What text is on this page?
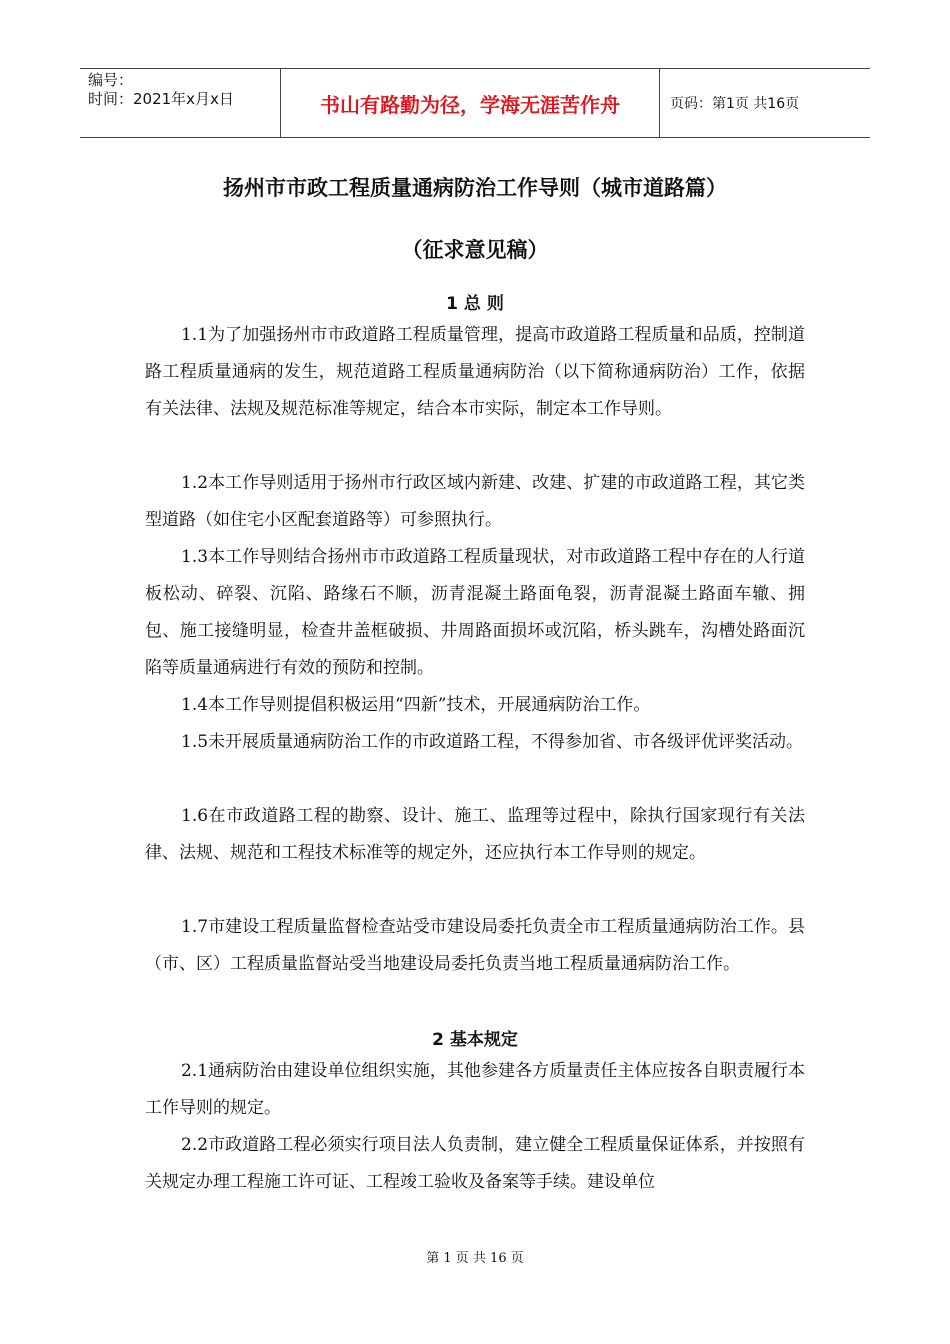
编号：
时间：2021年x月x日	书山有路勤为径，学海无涯苦作舟	页码：第1页 共16页
扬州市市政工程质量通病防治工作导则（城市道路篇）
（征求意见稿）
1 总 则
1.1为了加强扬州市市政道路工程质量管理，提高市政道路工程质量和品质，控制道路工程质量通病的发生，规范道路工程质量通病防治（以下简称通病防治）工作，依据有关法律、法规及规范标准等规定，结合本市实际，制定本工作导则。
1.2本工作导则适用于扬州市行政区域内新建、改建、扩建的市政道路工程，其它类型道路（如住宅小区配套道路等）可参照执行。
1.3本工作导则结合扬州市市政道路工程质量现状，对市政道路工程中存在的人行道板松动、碎裂、沉陷、路缘石不顺，沥青混凝土路面龟裂，沥青混凝土路面车辙、拥包、施工接缝明显，检查井盖框破损、井周路面损坏或沉陷，桥头跳车，沟槽处路面沉陷等质量通病进行有效的预防和控制。
1.4本工作导则提倡积极运用“四新”技术，开展通病防治工作。
1.5未开展质量通病防治工作的市政道路工程，不得参加省、市各级评优评奖活动。
1.6在市政道路工程的勘察、设计、施工、监理等过程中，除执行国家现行有关法律、法规、规范和工程技术标准等的规定外，还应执行本工作导则的规定。
1.7市建设工程质量监督检查站受市建设局委托负责全市工程质量通病防治工作。县（市、区）工程质量监督站受当地建设局委托负责当地工程质量通病防治工作。
2 基本规定
2.1通病防治由建设单位组织实施，其他参建各方质量责任主体应按各自职责履行本工作导则的规定。
2.2市政道路工程必须实行项目法人负责制，建立健全工程质量保证体系，并按照有关规定办理工程施工许可证、工程竣工验收及备案等手续。建设单位
第 1 页 共 16 页
